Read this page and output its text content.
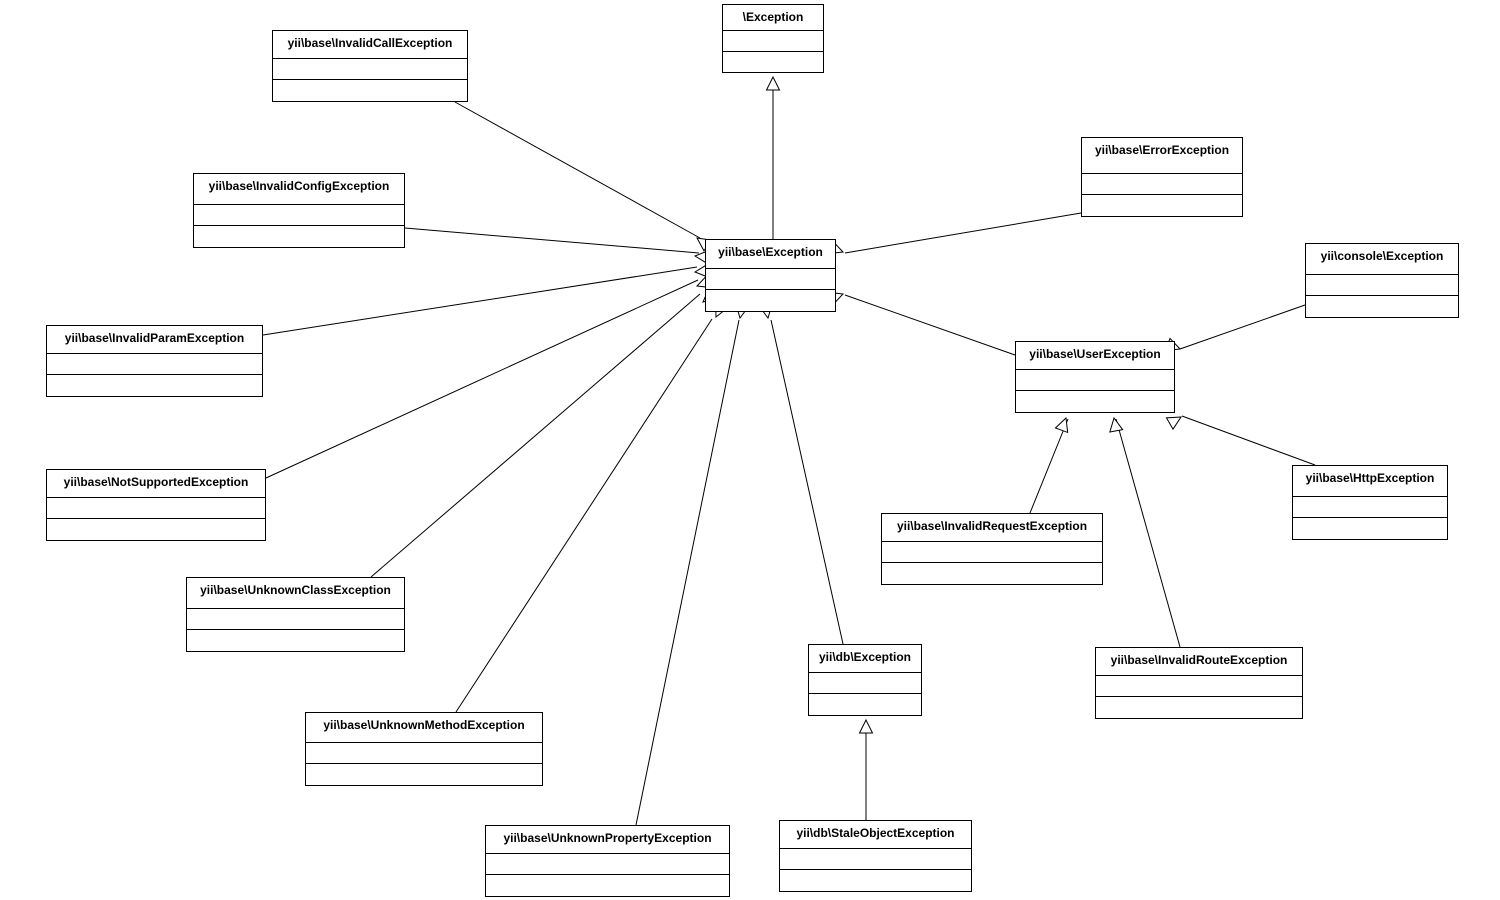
\Exception
yii\base\InvalidCallException
yii\base\ErrorException
yii\base\InvalidConfigException
yii\console\Exception
yii\base\Exception
yii\base\InvalidParamException
yii\base\UserException
yii\base\HttpException
yii\base\NotSupportedException
yii\base\InvalidRequestException
yii\base\UnknownClassException
yii\base\InvalidRouteException
yii\db\Exception
yii\base\UnknownMethodException
yii\db\StaleObjectException
yii\base\UnknownPropertyException
